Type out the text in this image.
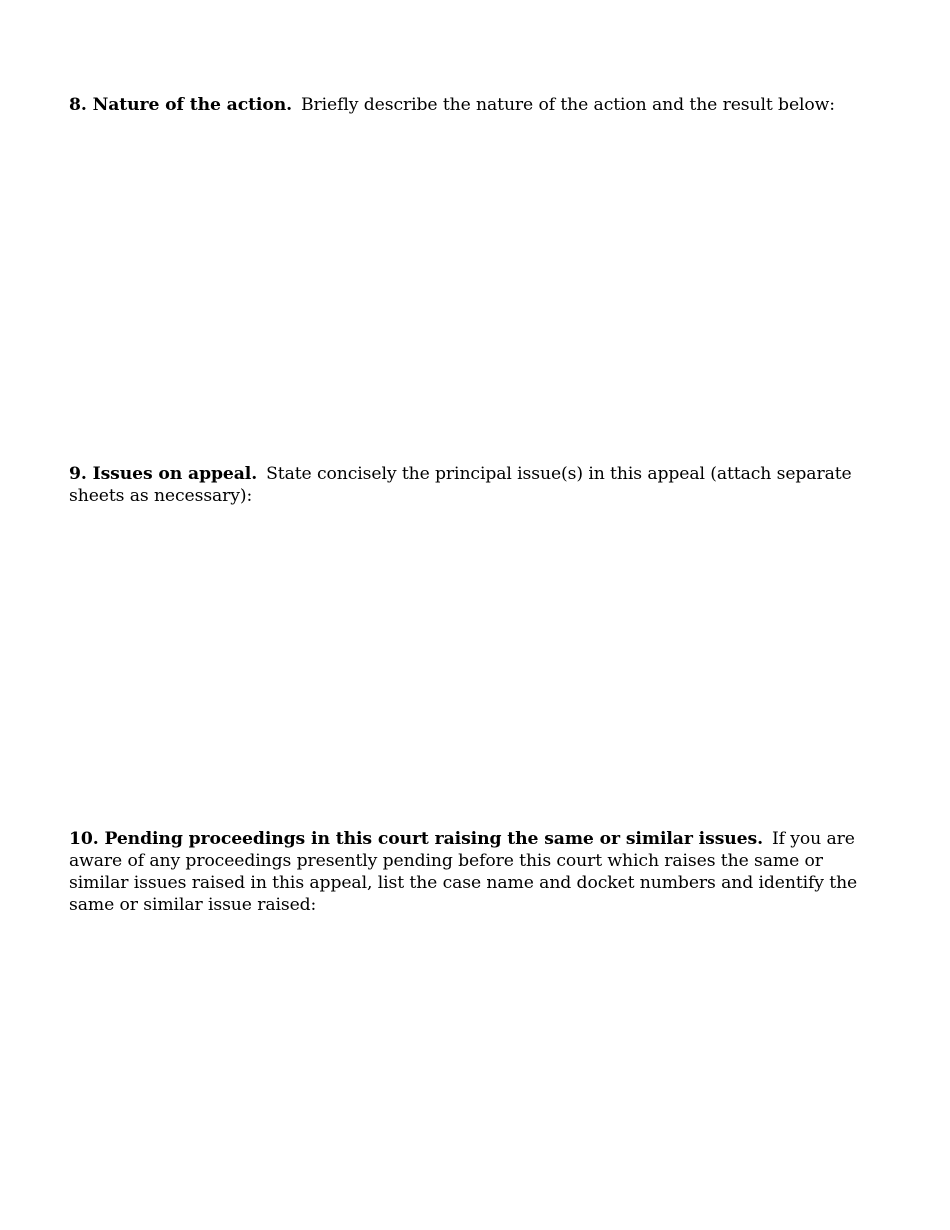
8. Nature of the action. Briefly describe the nature of the action and the result below:
9. Issues on appeal. State concisely the principal issue(s) in this appeal (attach separate sheets as necessary):
10. Pending proceedings in this court raising the same or similar issues. If you are aware of any proceedings presently pending before this court which raises the same or similar issues raised in this appeal, list the case name and docket numbers and identify the same or similar issue raised:
